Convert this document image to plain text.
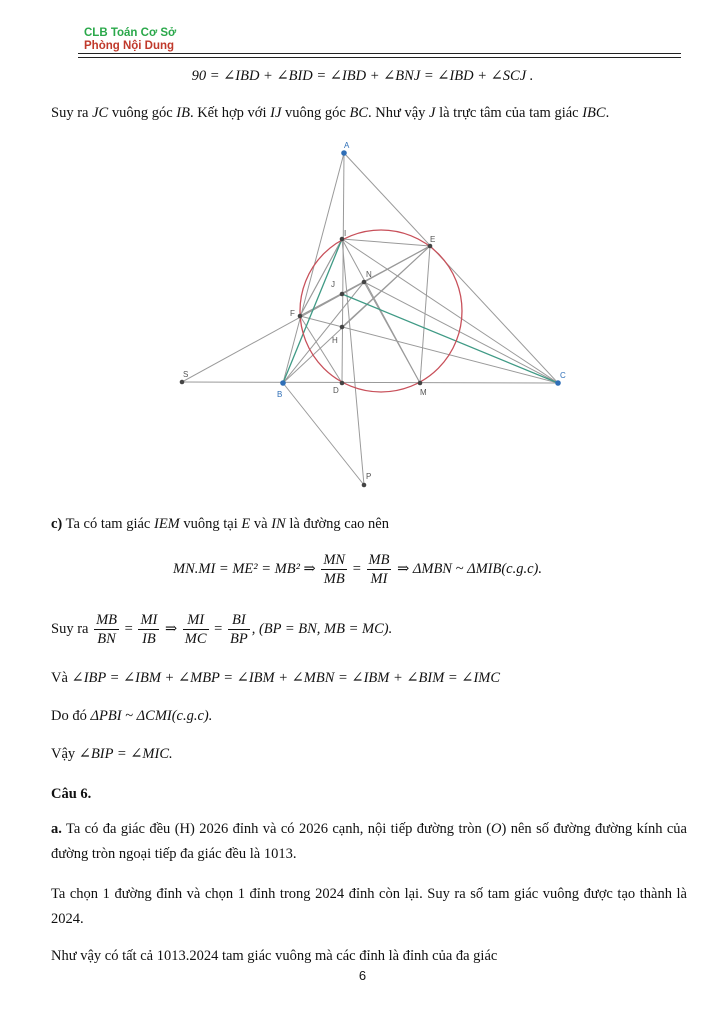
CLB Toán Cơ Sở
Phòng Nội Dung
90 = ∠IBD + ∠BID = ∠IBD + ∠BNJ = ∠IBD + ∠SCJ .
Suy ra JC vuông góc IB. Kết hợp với IJ vuông góc BC. Như vậy J là trực tâm của tam giác IBC.
A
I
E
N
J
F
H
S
B	D	M
C
P
c) Ta có tam giác IEM vuông tại E và IN là đường cao nên
MN.MI = ME² = MB² ⇒ $\frac{MN}{MB} = \frac{MB}{MI}$ ⇒ ΔMBN ~ ΔMIB(c.g.c).
Suy ra $\frac{MB}{BN} = \frac{MI}{IB}$ ⇒ $\frac{MI}{MC} = \frac{BI}{BP}$ , (BP = BN, MB = MC).
Và ∠IBP = ∠IBM + ∠MBP = ∠IBM + ∠MBN = ∠IBM + ∠BIM = ∠IMC
Do đó ΔPBI ~ ΔCMI(c.g.c).
Vậy ∠BIP = ∠MIC.
Câu 6.
a. Ta có đa giác đều (H) 2026 đỉnh và có 2026 cạnh, nội tiếp đường tròn (O) nên số đường đường kính của đường tròn ngoại tiếp đa giác đều là 1013.
Ta chọn 1 đường đỉnh và chọn 1 đỉnh trong 2024 đỉnh còn lại. Suy ra số tam giác vuông được tạo thành là 2024.
Như vậy có tất cả 1013.2024 tam giác vuông mà các đỉnh là đỉnh của đa giác
6
